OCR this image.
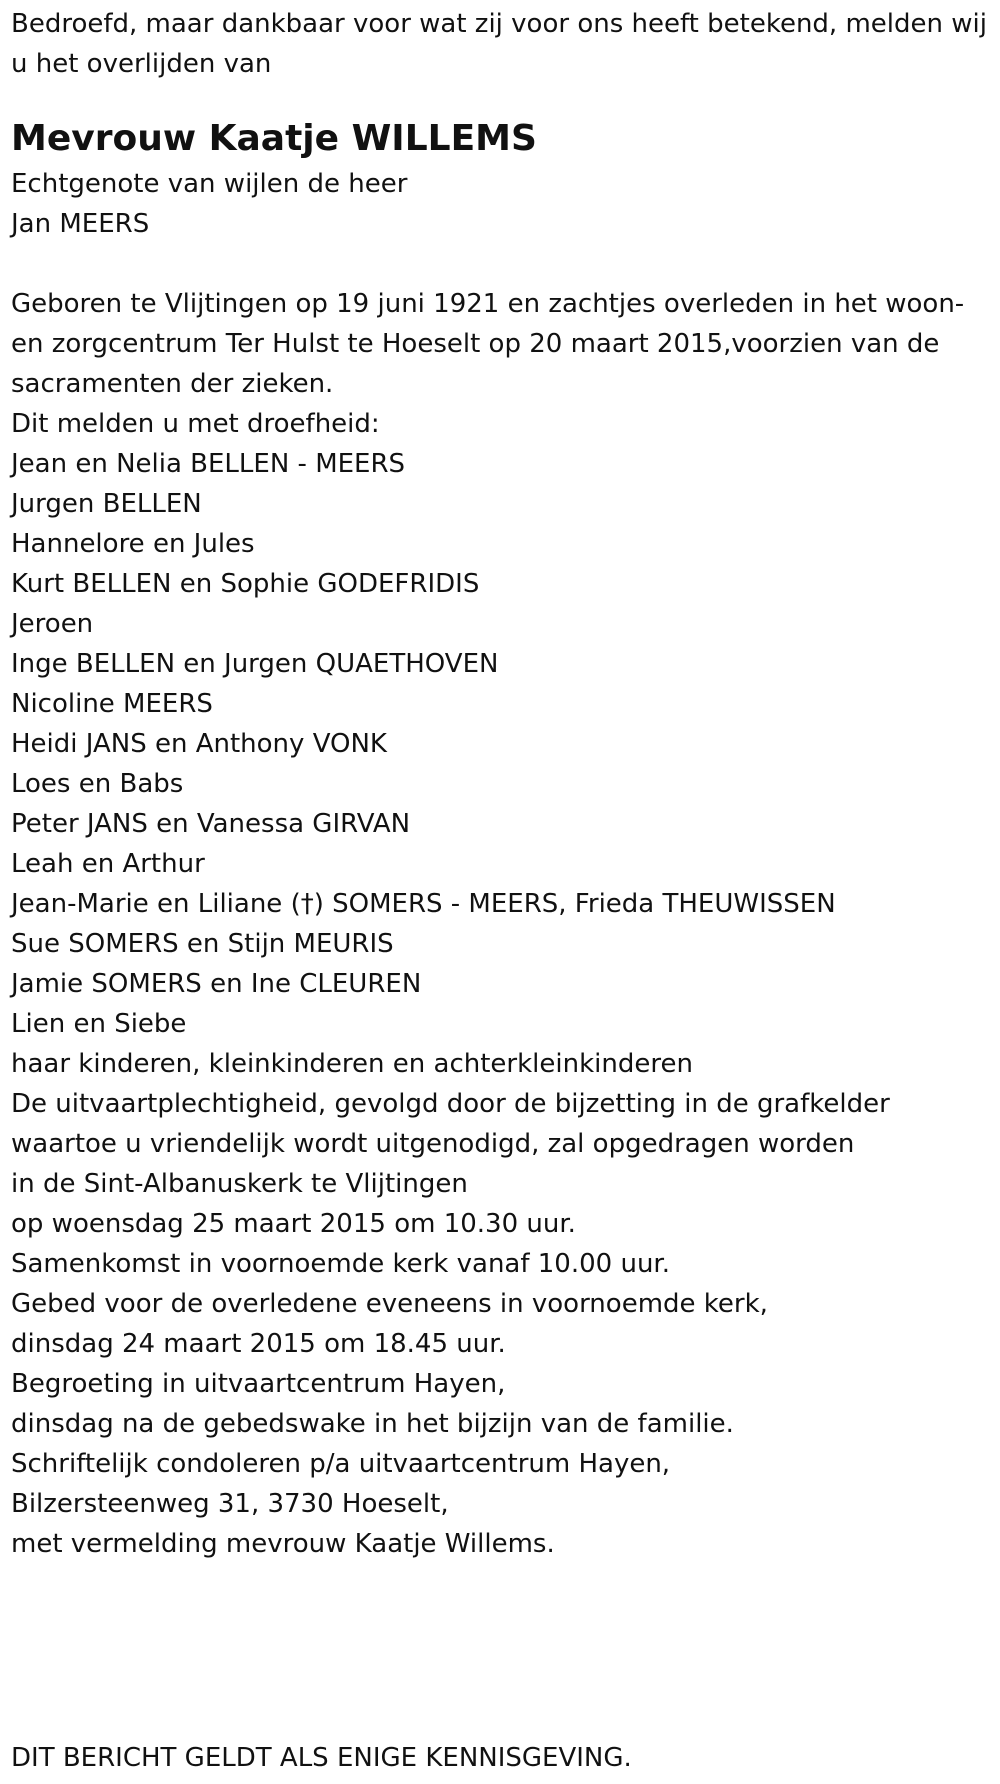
Bedroefd, maar dankbaar voor wat zij voor ons heeft betekend, melden wij u het overlijden van

Mevrouw Kaatje WILLEMS
Echtgenote van wijlen de heer
Jan MEERS
Geboren te Vlijtingen op 19 juni 1921 en zachtjes overleden in het woon-
en zorgcentrum Ter Hulst te Hoeselt op 20 maart 2015,voorzien van de
sacramenten der zieken.
Dit melden u met droefheid:
Jean en Nelia BELLEN - MEERS
Jurgen BELLEN
Hannelore en Jules
Kurt BELLEN en Sophie GODEFRIDIS
Jeroen
Inge BELLEN en Jurgen QUAETHOVEN
Nicoline MEERS
Heidi JANS en Anthony VONK
Loes en Babs
Peter JANS en Vanessa GIRVAN
Leah en Arthur
Jean-Marie en Liliane (†) SOMERS - MEERS, Frieda THEUWISSEN
Sue SOMERS en Stijn MEURIS
Jamie SOMERS en Ine CLEUREN
Lien en Siebe
haar kinderen, kleinkinderen en achterkleinkinderen
De uitvaartplechtigheid, gevolgd door de bijzetting in de grafkelder
waartoe u vriendelijk wordt uitgenodigd, zal opgedragen worden
in de Sint-Albanuskerk te Vlijtingen
op woensdag 25 maart 2015 om 10.30 uur.
Samenkomst in voornoemde kerk vanaf 10.00 uur.
Gebed voor de overledene eveneens in voornoemde kerk,
dinsdag 24 maart 2015 om 18.45 uur.
Begroeting in uitvaartcentrum Hayen,
dinsdag na de gebedswake in het bijzijn van de familie.
Schriftelijk condoleren p/a uitvaartcentrum Hayen,
Bilzersteenweg 31, 3730 Hoeselt,
met vermelding mevrouw Kaatje Willems.
DIT BERICHT GELDT ALS ENIGE KENNISGEVING.
